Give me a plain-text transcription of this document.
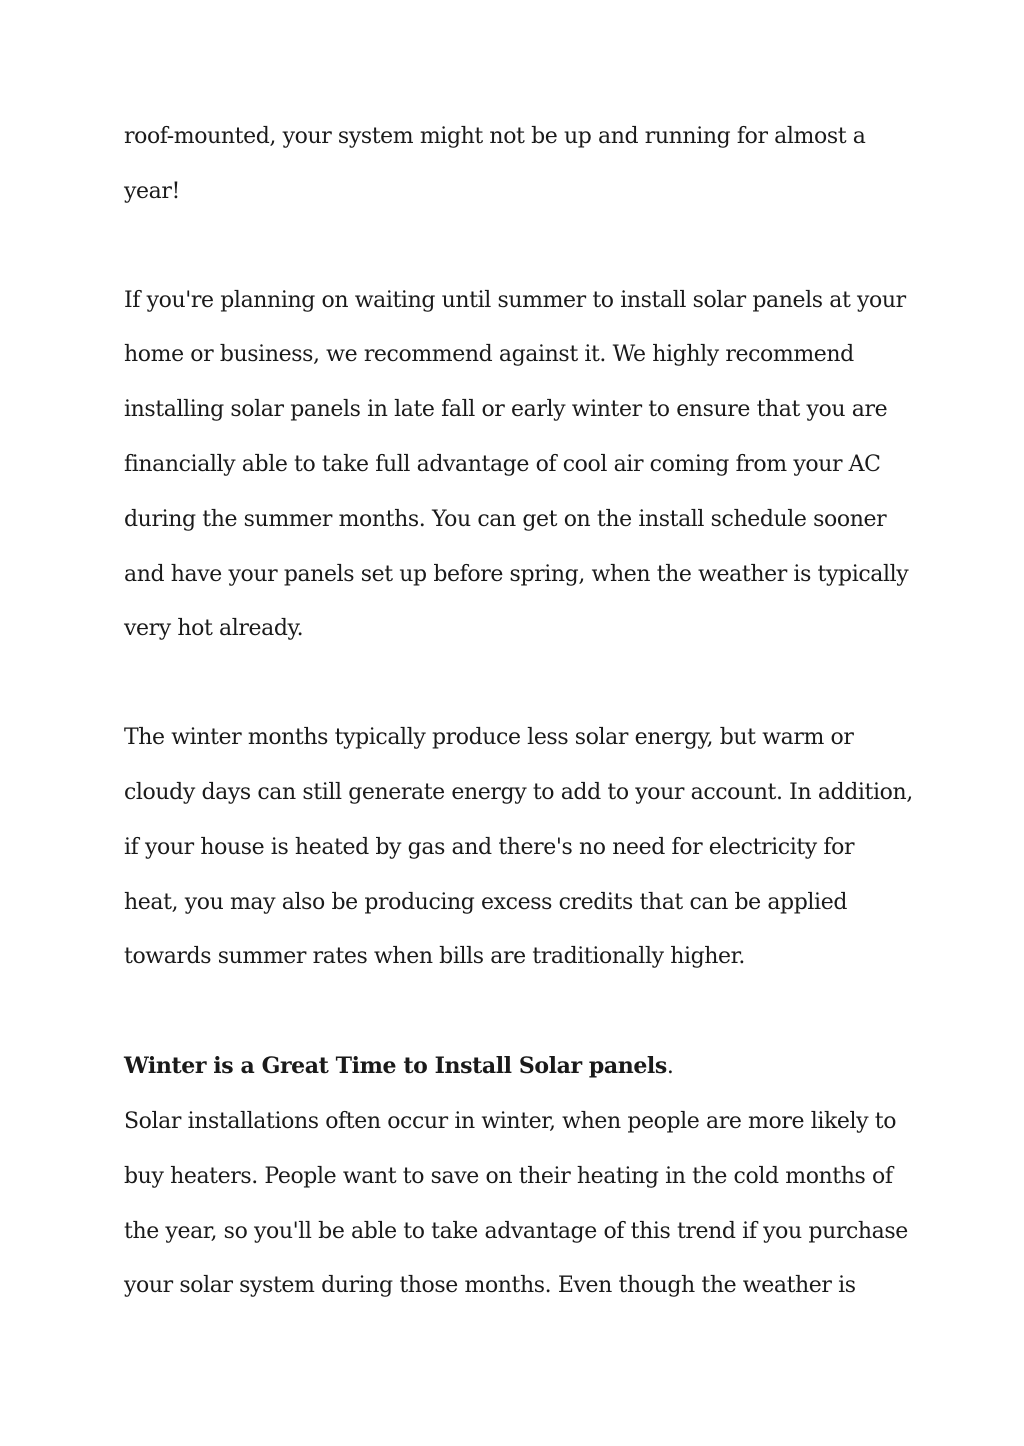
roof-mounted, your system might not be up and running for almost a year!

If you're planning on waiting until summer to install solar panels at your home or business, we recommend against it. We highly recommend installing solar panels in late fall or early winter to ensure that you are financially able to take full advantage of cool air coming from your AC during the summer months. You can get on the install schedule sooner and have your panels set up before spring, when the weather is typically very hot already.

The winter months typically produce less solar energy, but warm or cloudy days can still generate energy to add to your account. In addition, if your house is heated by gas and there's no need for electricity for heat, you may also be producing excess credits that can be applied towards summer rates when bills are traditionally higher.

Winter is a Great Time to Install Solar panels.

Solar installations often occur in winter, when people are more likely to buy heaters. People want to save on their heating in the cold months of the year, so you'll be able to take advantage of this trend if you purchase your solar system during those months. Even though the weather is
